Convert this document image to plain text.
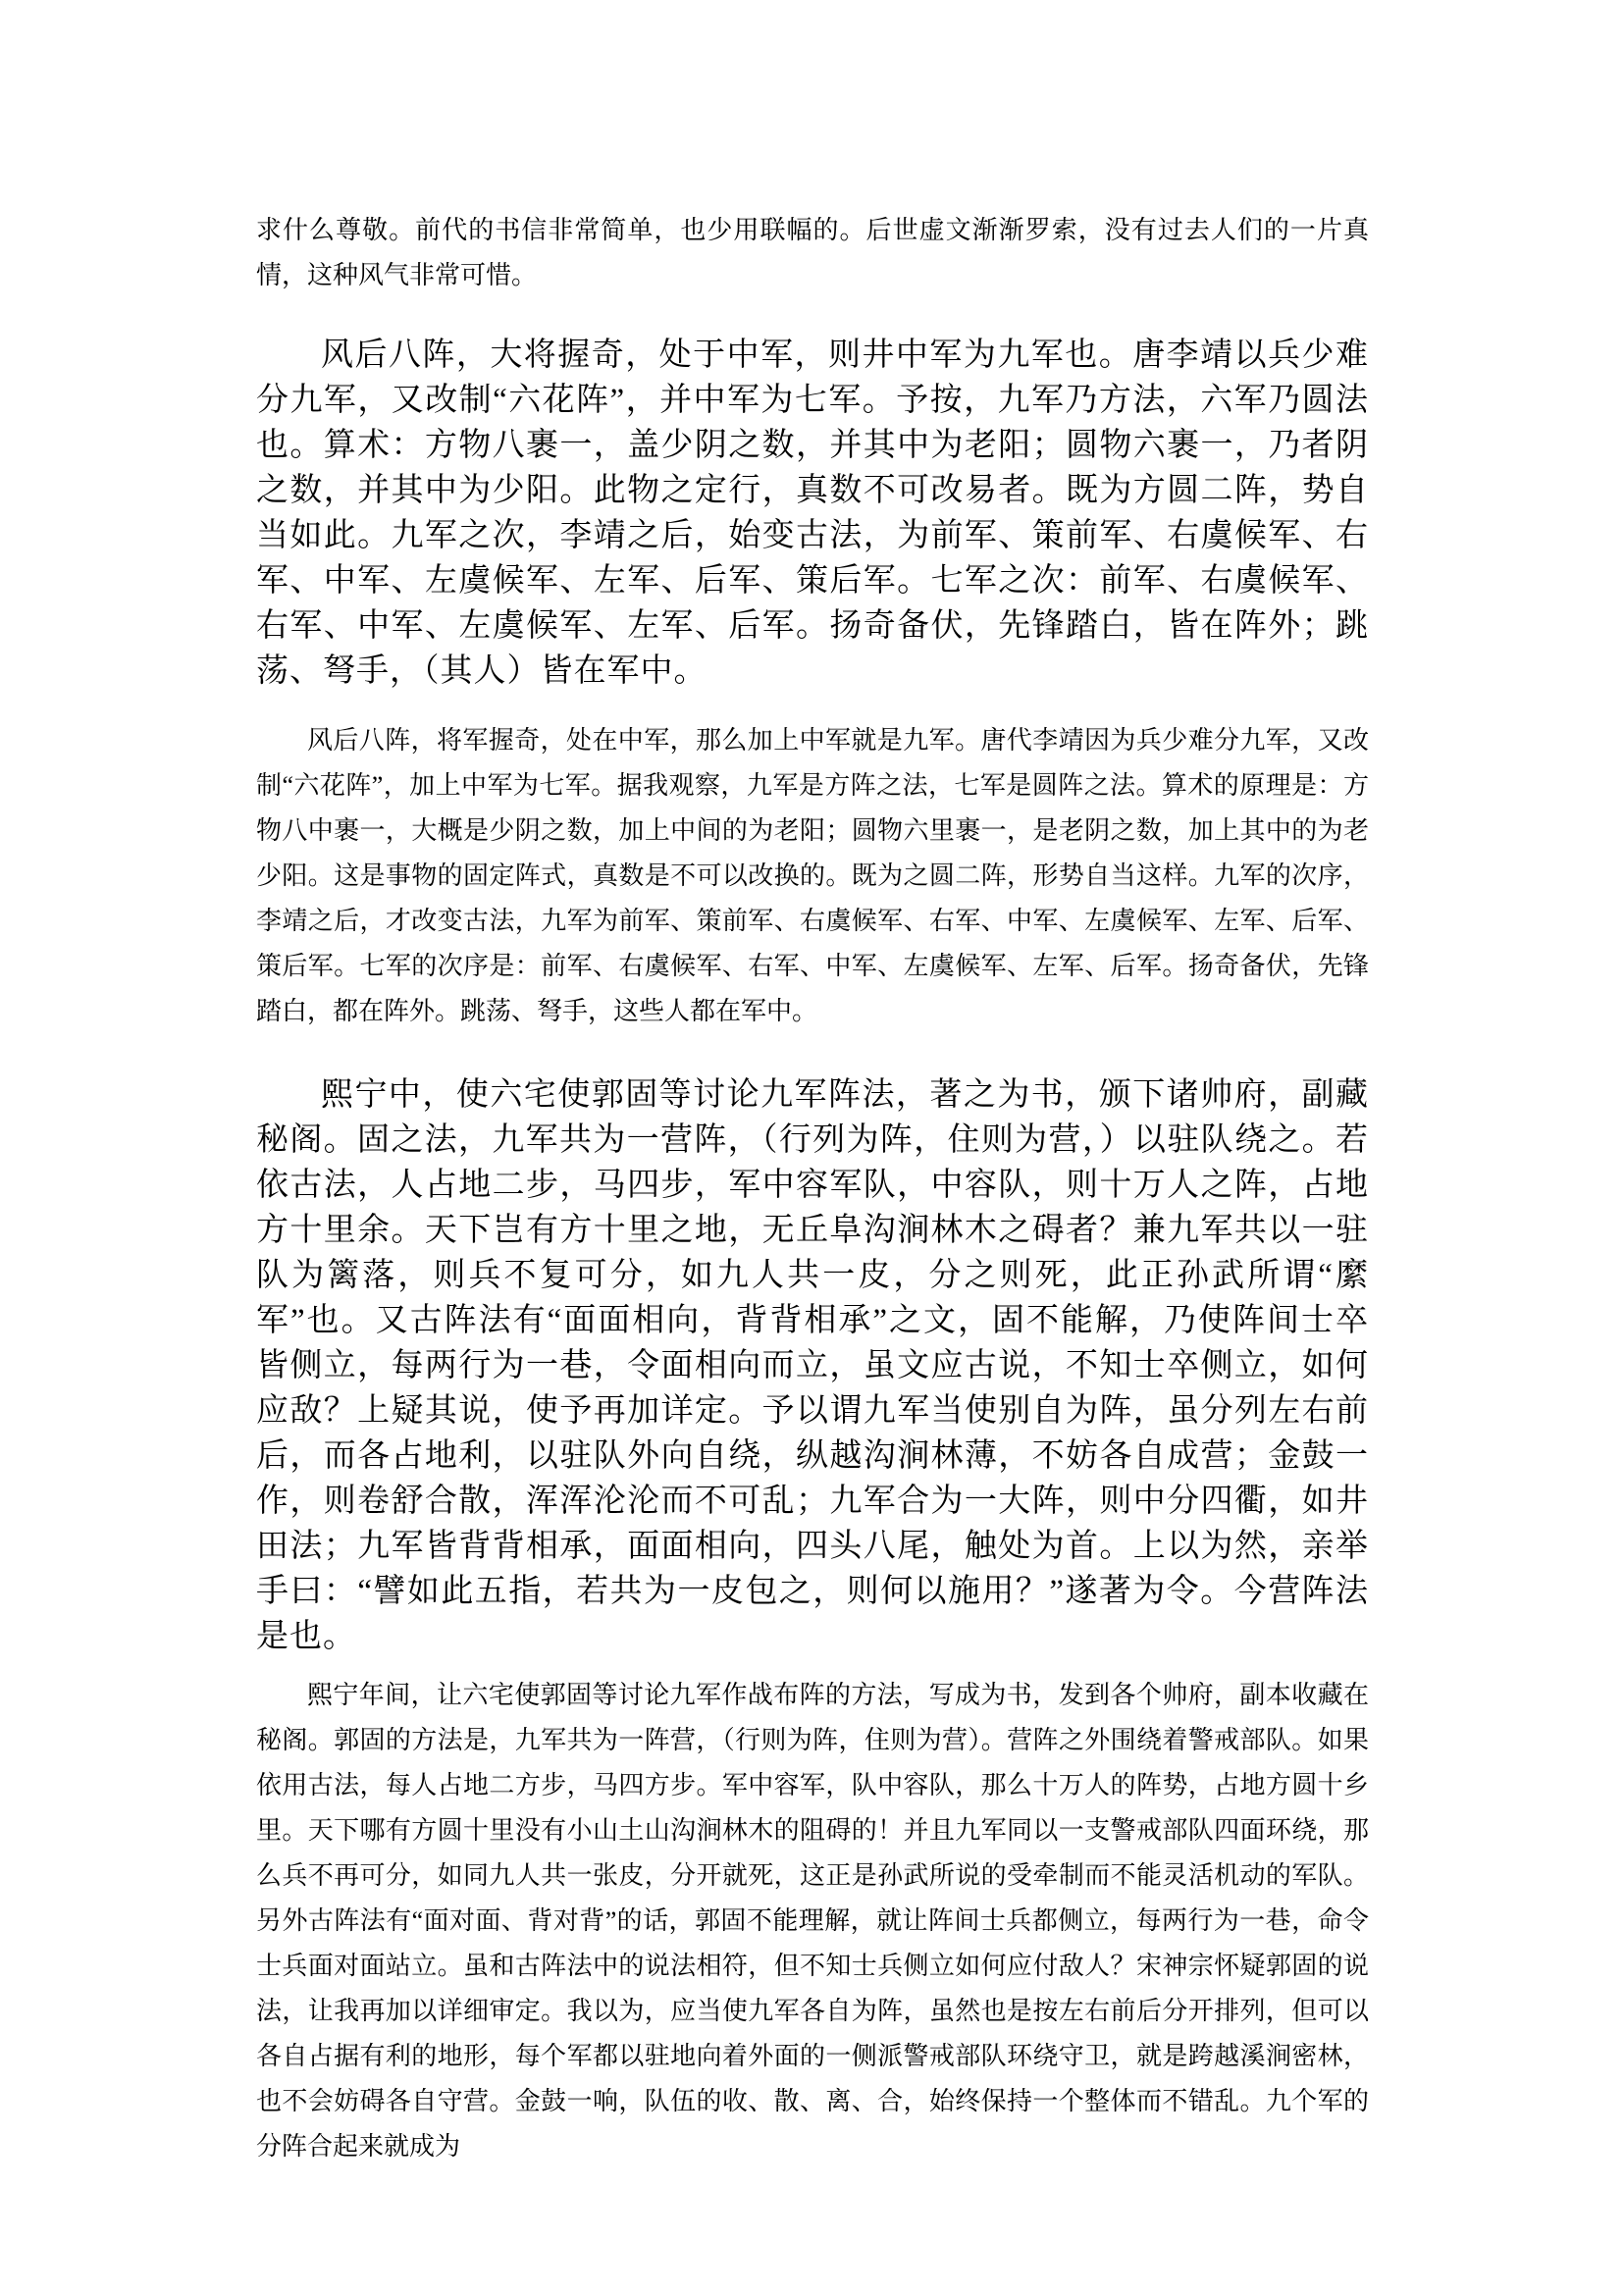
求什么尊敬。前代的书信非常简单，也少用联幅的。后世虚文渐渐罗索，没有过去人们的一片真情，这种风气非常可惜。

风后八阵，大将握奇，处于中军，则井中军为九军也。唐李靖以兵少难分九军，又改制“六花阵”，并中军为七军。予按，九军乃方法，六军乃圆法也。算术：方物八裹一，盖少阴之数，并其中为老阳；圆物六裹一，乃者阴之数，并其中为少阳。此物之定行，真数不可改易者。既为方圆二阵，势自当如此。九军之次，李靖之后，始变古法，为前军、策前军、右虞候军、右军、中军、左虞候军、左军、后军、策后军。七军之次：前军、右虞候军、右军、中军、左虞候军、左军、后军。扬奇备伏，先锋踏白，皆在阵外；跳荡、弩手，（其人）皆在军中。

风后八阵，将军握奇，处在中军，那么加上中军就是九军。唐代李靖因为兵少难分九军，又改制“六花阵”，加上中军为七军。据我观察，九军是方阵之法，七军是圆阵之法。算术的原理是：方物八中裹一，大概是少阴之数，加上中间的为老阳；圆物六里裹一，是老阴之数，加上其中的为老少阳。这是事物的固定阵式，真数是不可以改换的。既为之圆二阵，形势自当这样。九军的次序，李靖之后，才改变古法，九军为前军、策前军、右虞候军、右军、中军、左虞候军、左军、后军、策后军。七军的次序是：前军、右虞候军、右军、中军、左虞候军、左军、后军。扬奇备伏，先锋踏白，都在阵外。跳荡、弩手，这些人都在军中。

熙宁中，使六宅使郭固等讨论九军阵法，著之为书，颁下诸帅府，副藏秘阁。固之法，九军共为一营阵，（行列为阵，住则为营，）以驻队绕之。若依古法，人占地二步，马四步，军中容军队，中容队，则十万人之阵，占地方十里余。天下岂有方十里之地，无丘阜沟涧林木之碍者？兼九军共以一驻队为篱落，则兵不复可分，如九人共一皮，分之则死，此正孙武所谓“縻军”也。又古阵法有“面面相向，背背相承”之文，固不能解，乃使阵间士卒皆侧立，每两行为一巷，令面相向而立，虽文应古说，不知士卒侧立，如何应敌？上疑其说，使予再加详定。予以谓九军当使别自为阵，虽分列左右前后，而各占地利，以驻队外向自绕，纵越沟涧林薄，不妨各自成营；金鼓一作，则卷舒合散，浑浑沦沦而不可乱；九军合为一大阵，则中分四衢，如井田法；九军皆背背相承，面面相向，四头八尾，触处为首。上以为然，亲举手曰：“譬如此五指，若共为一皮包之，则何以施用？”遂著为令。今营阵法是也。

熙宁年间，让六宅使郭固等讨论九军作战布阵的方法，写成为书，发到各个帅府，副本收藏在秘阁。郭固的方法是，九军共为一阵营，（行则为阵，住则为营）。营阵之外围绕着警戒部队。如果依用古法，每人占地二方步，马四方步。军中容军，队中容队，那么十万人的阵势，占地方圆十乡里。天下哪有方圆十里没有小山土山沟涧林木的阻碍的！并且九军同以一支警戒部队四面环绕，那么兵不再可分，如同九人共一张皮，分开就死，这正是孙武所说的受牵制而不能灵活机动的军队。另外古阵法有“面对面、背对背”的话，郭固不能理解，就让阵间士兵都侧立，每两行为一巷，命令士兵面对面站立。虽和古阵法中的说法相符，但不知士兵侧立如何应付敌人？宋神宗怀疑郭固的说法，让我再加以详细审定。我以为，应当使九军各自为阵，虽然也是按左右前后分开排列，但可以各自占据有利的地形，每个军都以驻地向着外面的一侧派警戒部队环绕守卫，就是跨越溪涧密林，也不会妨碍各自守营。金鼓一响，队伍的收、散、离、合，始终保持一个整体而不错乱。九个军的分阵合起来就成为
